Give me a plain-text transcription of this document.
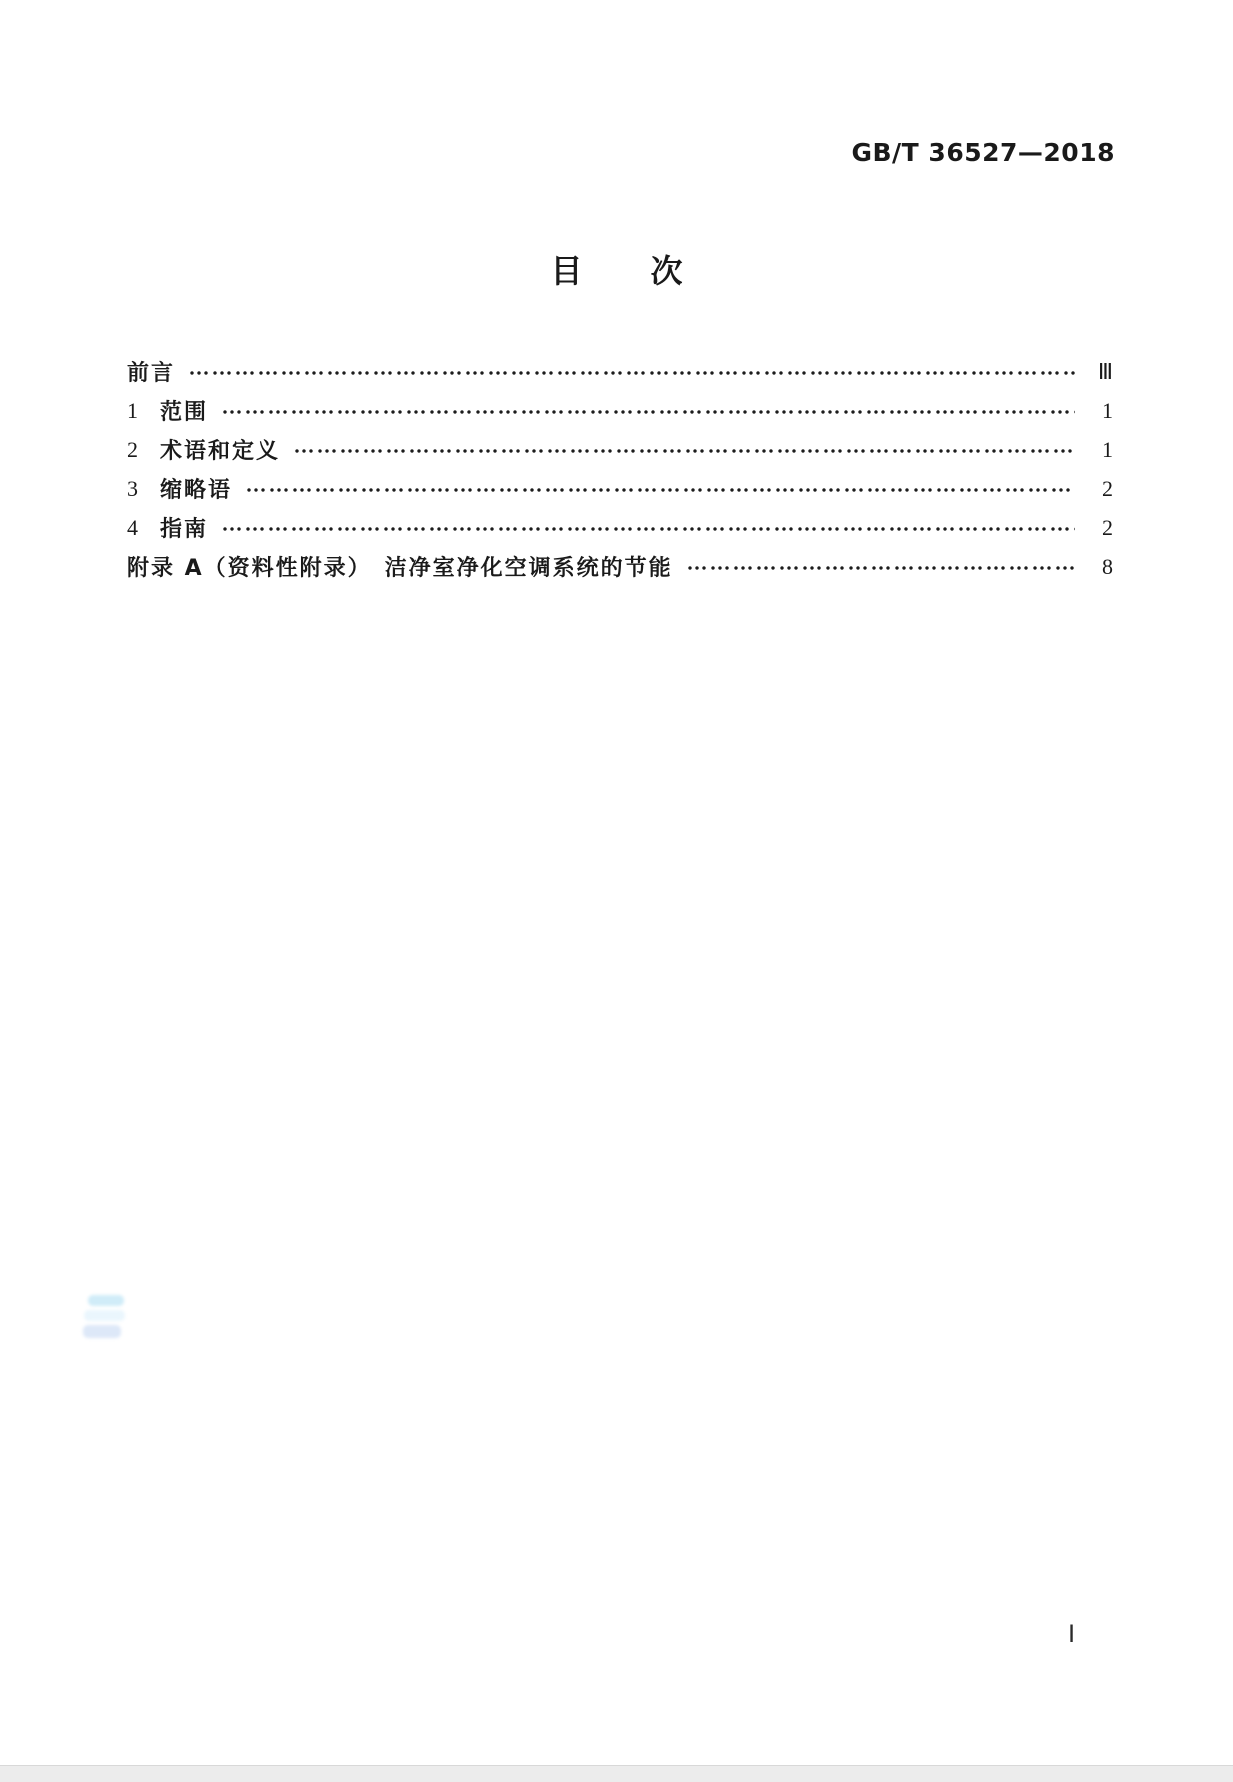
GB/T 36527—2018
目 次
前言	Ⅲ
1 范围	1
2 术语和定义	1
3 缩略语	2
4 指南	2
附录 A（资料性附录）　洁净室净化空调系统的节能	8
Ⅰ
